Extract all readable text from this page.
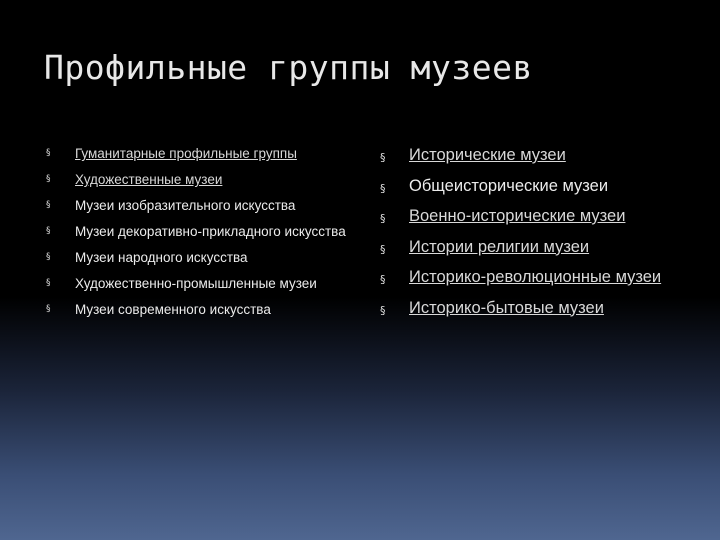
Профильные группы музеев
§ Гуманитарные профильные группы
§ Художественные музеи
§ Музеи изобразительного искусства
§ Музеи декоративно-прикладного искусства
§ Музеи народного искусства
§ Художественно-промышленные музеи
§ Музеи современного искусства
§ Исторические музеи
§ Общеисторические музеи
§ Военно-исторические музеи
§ Истории религии музеи
§ Историко-революционные музеи
§ Историко-бытовые музеи
